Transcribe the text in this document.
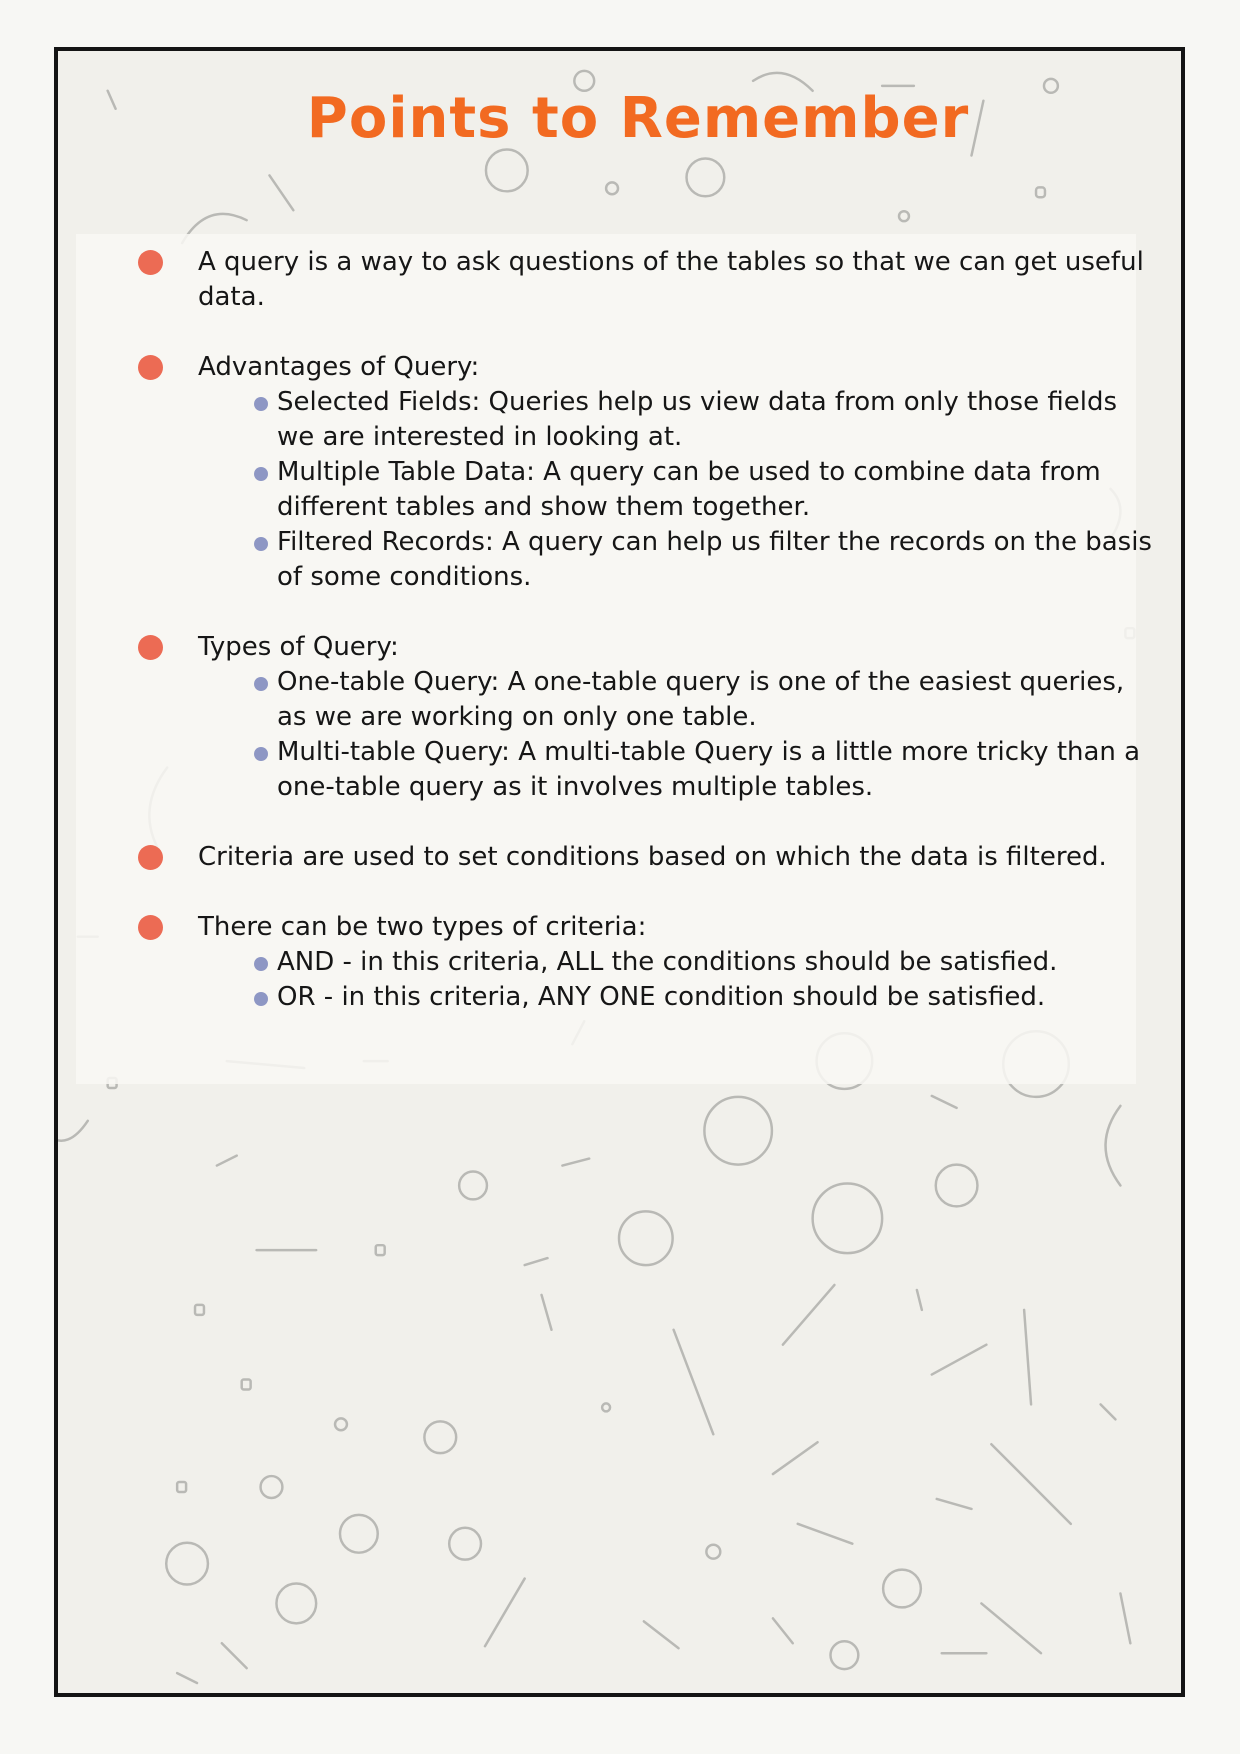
Points to Remember
A query is a way to ask questions of the tables so that we can get useful data.
Advantages of Query:
Selected Fields: Queries help us view data from only those fields we are interested in looking at.
Multiple Table Data: A query can be used to combine data from different tables and show them together.
Filtered Records: A query can help us filter the records on the basis of some conditions.
Types of Query:
One-table Query: A one-table query is one of the easiest queries, as we are working on only one table.
Multi-table Query: A multi-table Query is a little more tricky than a one-table query as it involves multiple tables.
Criteria are used to set conditions based on which the data is filtered.
There can be two types of criteria:
AND - in this criteria, ALL the conditions should be satisfied.
OR - in this criteria, ANY ONE condition should be satisfied.
